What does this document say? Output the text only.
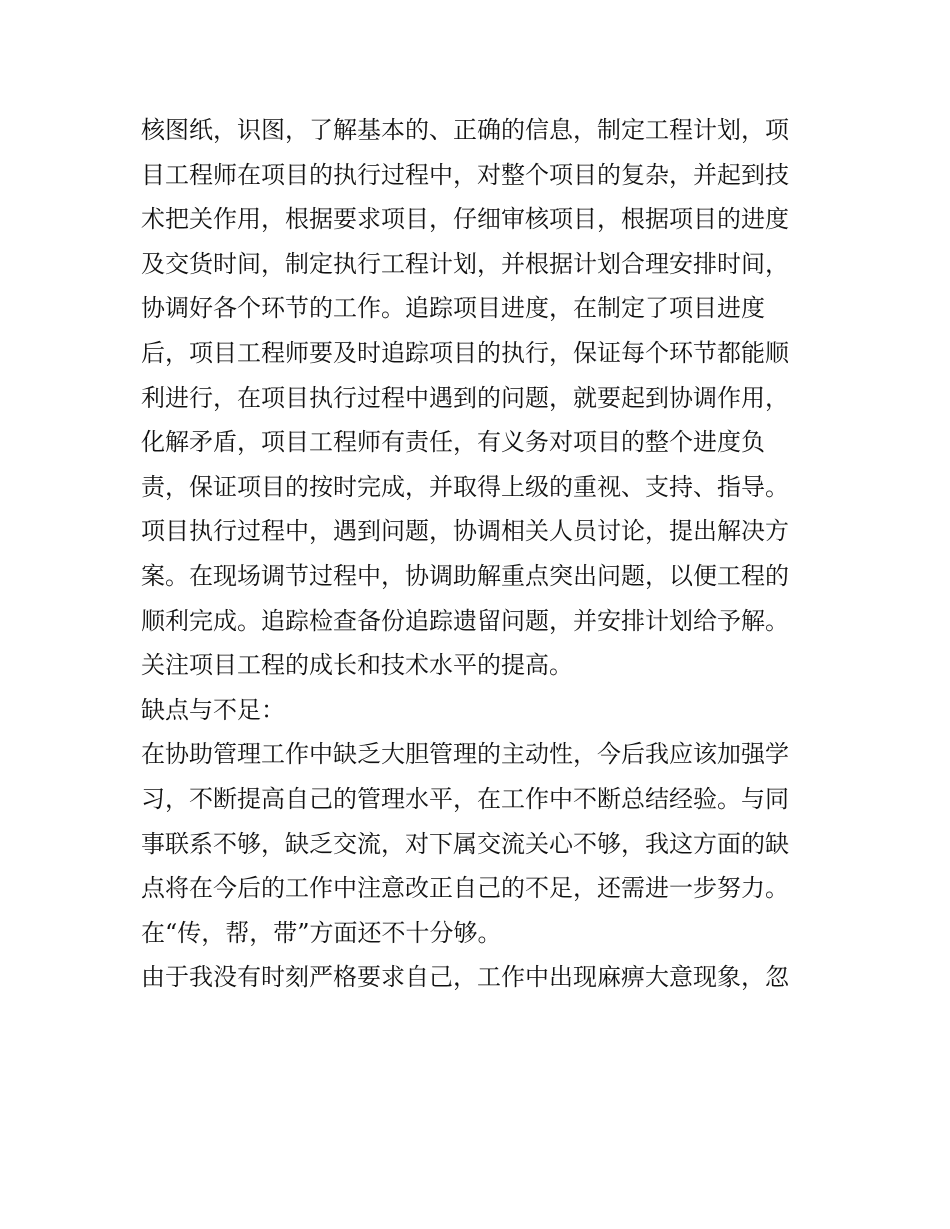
核图纸，识图，了解基本的、正确的信息，制定工程计划，项
目工程师在项目的执行过程中，对整个项目的复杂，并起到技
术把关作用，根据要求项目，仔细审核项目，根据项目的进度
及交货时间，制定执行工程计划，并根据计划合理安排时间，
协调好各个环节的工作。追踪项目进度，在制定了项目进度
后，项目工程师要及时追踪项目的执行，保证每个环节都能顺
利进行，在项目执行过程中遇到的问题，就要起到协调作用，
化解矛盾，项目工程师有责任，有义务对项目的整个进度负
责，保证项目的按时完成，并取得上级的重视、支持、指导。
项目执行过程中，遇到问题，协调相关人员讨论，提出解决方
案。在现场调节过程中，协调助解重点突出问题，以便工程的
顺利完成。追踪检查备份追踪遗留问题，并安排计划给予解。
关注项目工程的成长和技术水平的提高。
缺点与不足：
在协助管理工作中缺乏大胆管理的主动性，今后我应该加强学
习，不断提高自己的管理水平，在工作中不断总结经验。与同
事联系不够，缺乏交流，对下属交流关心不够，我这方面的缺
点将在今后的工作中注意改正自己的不足，还需进一步努力。
在“传，帮，带”方面还不十分够。
由于我没有时刻严格要求自己，工作中出现麻痹大意现象，忽
